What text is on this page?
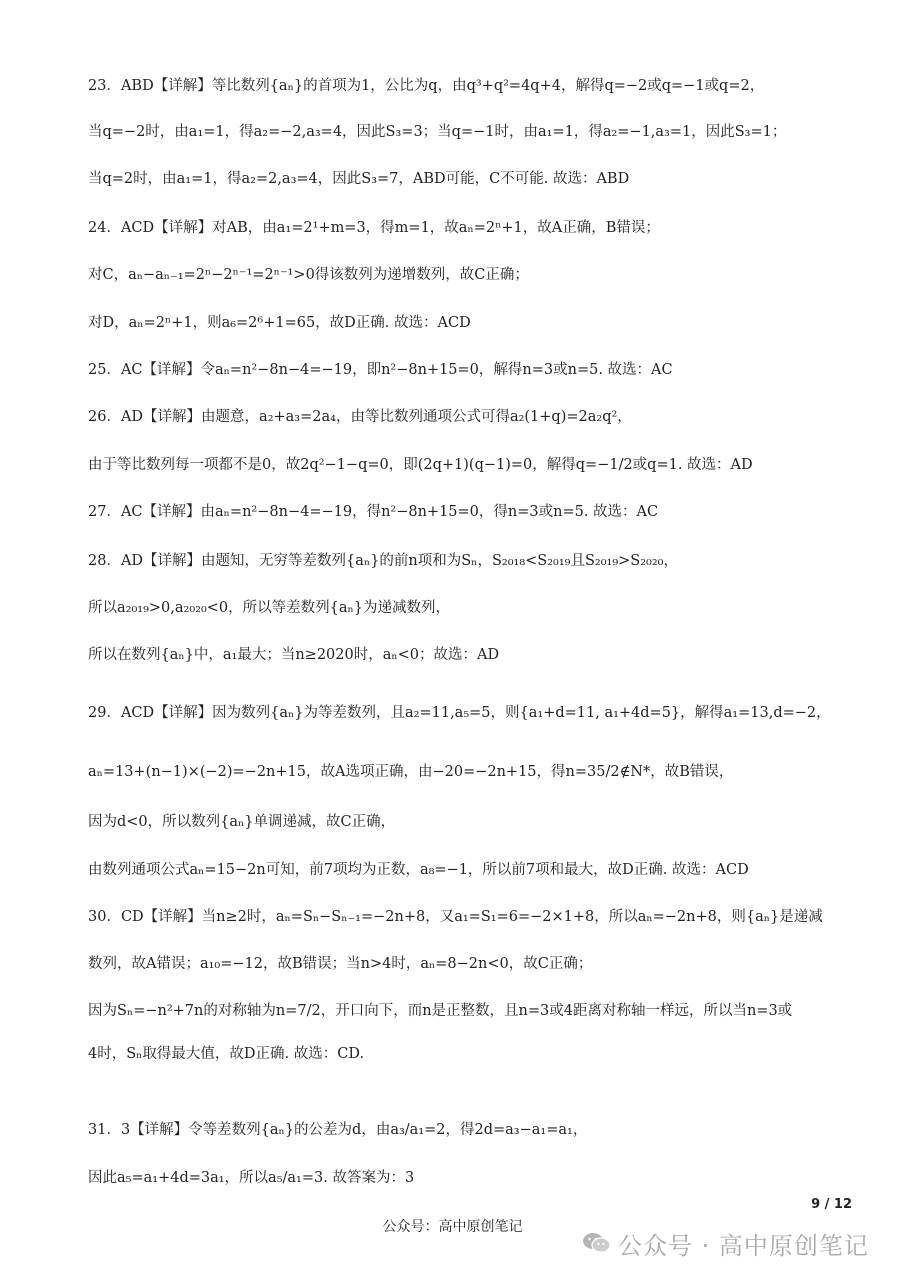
23．ABD【详解】等比数列{aₙ}的首项为1，公比为q，由q³+q²=4q+4，解得q=−2或q=−1或q=2，
当q=−2时，由a₁=1，得a₂=−2,a₃=4，因此S₃=3；当q=−1时，由a₁=1，得a₂=−1,a₃=1，因此S₃=1；
当q=2时，由a₁=1，得a₂=2,a₃=4，因此S₃=7，ABD可能，C不可能. 故选：ABD
24．ACD【详解】对AB，由a₁=2¹+m=3，得m=1，故aₙ=2ⁿ+1，故A正确，B错误；
对C，aₙ−aₙ₋₁=2ⁿ−2ⁿ⁻¹=2ⁿ⁻¹>0得该数列为递增数列，故C正确；
对D，aₙ=2ⁿ+1，则a₆=2⁶+1=65，故D正确. 故选：ACD
25．AC【详解】令aₙ=n²−8n−4=−19，即n²−8n+15=0，解得n=3或n=5. 故选：AC
26．AD【详解】由题意，a₂+a₃=2a₄，由等比数列通项公式可得a₂(1+q)=2a₂q²，
由于等比数列每一项都不是0，故2q²−1−q=0，即(2q+1)(q−1)=0，解得q=−1/2或q=1. 故选：AD
27．AC【详解】由aₙ=n²−8n−4=−19，得n²−8n+15=0，得n=3或n=5. 故选：AC
28．AD【详解】由题知，无穷等差数列{aₙ}的前n项和为Sₙ，S₂₀₁₈<S₂₀₁₉且S₂₀₁₉>S₂₀₂₀，
所以a₂₀₁₉>0,a₂₀₂₀<0，所以等差数列{aₙ}为递减数列，
所以在数列{aₙ}中，a₁最大；当n≥2020时，aₙ<0；故选：AD
29．ACD【详解】因为数列{aₙ}为等差数列，且a₂=11,a₅=5，则{a₁+d=11, a₁+4d=5}，解得a₁=13,d=−2，
aₙ=13+(n−1)×(−2)=−2n+15，故A选项正确，由−20=−2n+15，得n=35/2∉N*，故B错误，
因为d<0，所以数列{aₙ}单调递减，故C正确，
由数列通项公式aₙ=15−2n可知，前7项均为正数，a₈=−1，所以前7项和最大，故D正确. 故选：ACD
30．CD【详解】当n≥2时，aₙ=Sₙ−Sₙ₋₁=−2n+8，又a₁=S₁=6=−2×1+8，所以aₙ=−2n+8，则{aₙ}是递减
数列，故A错误；a₁₀=−12，故B错误；当n>4时，aₙ=8−2n<0，故C正确；
因为Sₙ=−n²+7n的对称轴为n=7/2，开口向下，而n是正整数，且n=3或4距离对称轴一样远，所以当n=3或
4时，Sₙ取得最大值，故D正确. 故选：CD.
31．3【详解】令等差数列{aₙ}的公差为d，由a₃/a₁=2，得2d=a₃−a₁=a₁，
因此a₅=a₁+4d=3a₁，所以a₅/a₁=3. 故答案为：3
9 / 12
公众号：高中原创笔记
公众号 · 高中原创笔记
